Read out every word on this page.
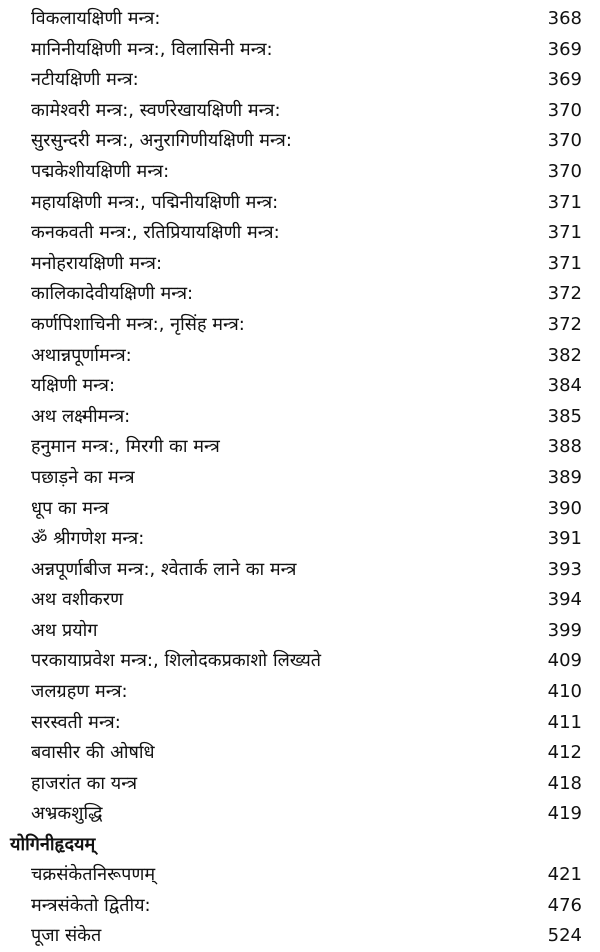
विकलायक्षिणी मन्त्र:	368
मानिनीयक्षिणी मन्त्र:, विलासिनी मन्त्र:	369
नटीयक्षिणी मन्त्र:	369
कामेश्वरी मन्त्र:, स्वर्णरेखायक्षिणी मन्त्र:	370
सुरसुन्दरी मन्त्र:, अनुरागिणीयक्षिणी मन्त्र:	370
पद्मकेशीयक्षिणी मन्त्र:	370
महायक्षिणी मन्त्र:, पद्मिनीयक्षिणी मन्त्र:	371
कनकवती मन्त्र:, रतिप्रियायक्षिणी मन्त्र:	371
मनोहरायक्षिणी मन्त्र:	371
कालिकादेवीयक्षिणी मन्त्र:	372
कर्णपिशाचिनी मन्त्र:, नृसिंह मन्त्र:	372
अथान्नपूर्णामन्त्र:	382
यक्षिणी मन्त्र:	384
अथ लक्ष्मीमन्त्र:	385
हनुमान मन्त्र:, मिरगी का मन्त्र	388
पछाड़ने का मन्त्र	389
धूप का मन्त्र	390
ॐ श्रीगणेश मन्त्र:	391
अन्नपूर्णाबीज मन्त्र:, श्वेतार्क लाने का मन्त्र	393
अथ वशीकरण	394
अथ प्रयोग	399
परकायाप्रवेश मन्त्र:, शिलोदकप्रकाशो लिख्यते	409
जलग्रहण मन्त्र:	410
सरस्वती मन्त्र:	411
बवासीर की ओषधि	412
हाजरांत का यन्त्र	418
अभ्रकशुद्धि	419
योगिनीहृदयम्
चक्रसंकेतनिरूपणम्	421
मन्त्रसंकेतो द्वितीय:	476
पूजा संकेत	524
